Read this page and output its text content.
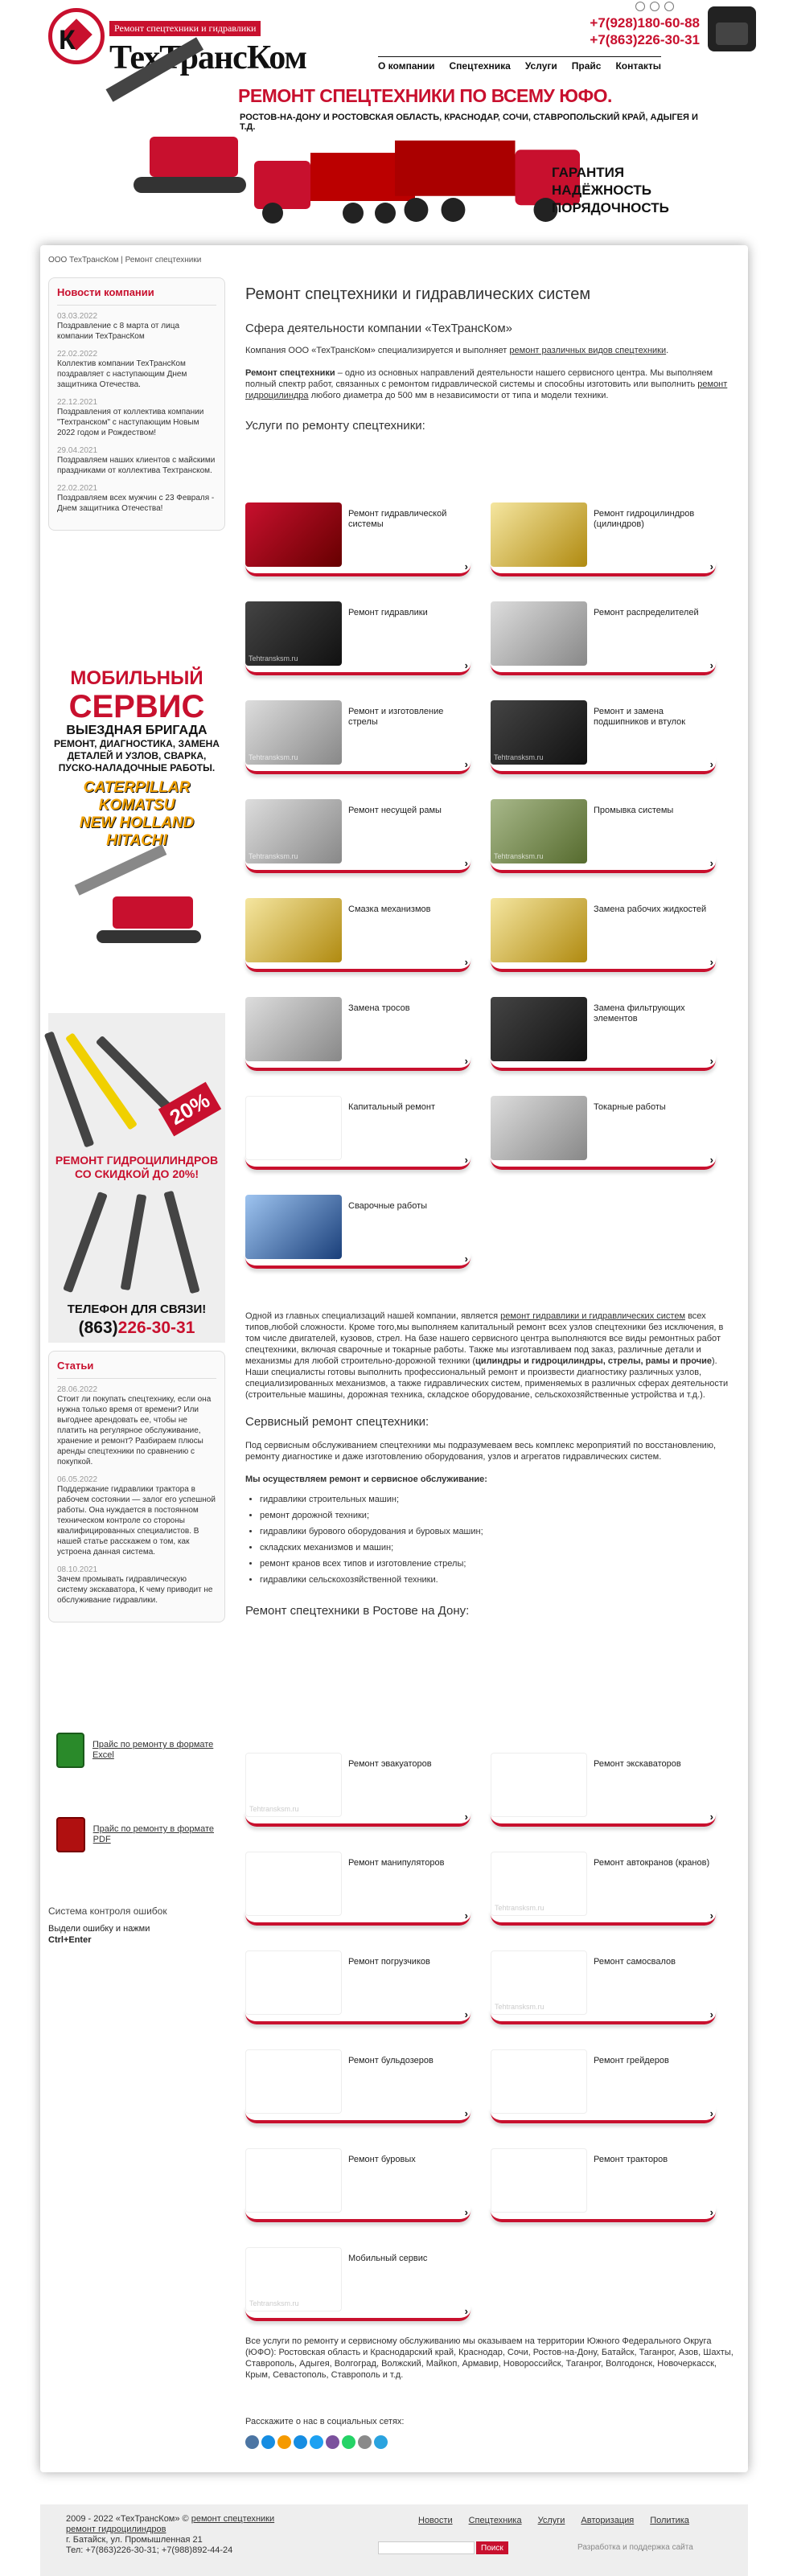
К	Ремонт спецтехники и гидравлики
ТехТрансКом
+7(928)180-60-88
+7(863)226-30-31
О компании Спецтехника Услуги Прайс Контакты
РЕМОНТ СПЕЦТЕХНИКИ ПО ВСЕМУ ЮФО.
РОСТОВ-НА-ДОНУ И РОСТОВСКАЯ ОБЛАСТЬ, КРАСНОДАР, СОЧИ, СТАВРОПОЛЬСКИЙ КРАЙ, АДЫГЕЯ И Т.Д.
ГАРАНТИЯ
НАДЁЖНОСТЬ
ПОРЯДОЧНОСТЬ
ООО ТехТрансКом | Ремонт спецтехники
Новости компании
03.03.2022
Поздравление с 8 марта от лица компании ТехТрансКом
22.02.2022
Коллектив компании ТехТрансКом поздравляет с наступающим Днем защитника Отечества.
22.12.2021
Поздравления от коллектива компании "Техтранском" с наступающим Новым 2022 годом и Рождеством!
29.04.2021
Поздравляем наших клиентов с майскими праздниками от коллектива Техтранском.
22.02.2021
Поздравляем всех мужчин с 23 Февраля - Днем защитника Отечества!
МОБИЛЬНЫЙ
СЕРВИС
ВЫЕЗДНАЯ БРИГАДА
РЕМОНТ, ДИАГНОСТИКА, ЗАМЕНА ДЕТАЛЕЙ И УЗЛОВ, СВАРКА, ПУСКО-НАЛАДОЧНЫЕ РАБОТЫ.
CATERPILLAR
KOMATSU
NEW HOLLAND HITACHI
20%
РЕМОНТ ГИДРОЦИЛИНДРОВ СО СКИДКОЙ ДО 20%!
ТЕЛЕФОН ДЛЯ СВЯЗИ!
(863)226-30-31
Статьи
28.06.2022
Стоит ли покупать спецтехнику, если она нужна только время от времени? Или выгоднее арендовать ее, чтобы не платить на регулярное обслуживание, хранение и ремонт? Разбираем плюсы аренды спецтехники по сравнению с покупкой.
06.05.2022
Поддержание гидравлики трактора в рабочем состоянии — залог его успешной работы. Она нуждается в постоянном техническом контроле со стороны квалифицированных специалистов. В нашей статье расскажем о том, как устроена данная система.
08.10.2021
Зачем промывать гидравлическую систему экскаватора, К чему приводит не обслуживание гидравлики.
Прайс по ремонту в формате Excel
Прайс по ремонту в формате PDF
Система контроля ошибок
Выдели ошибку и нажми
Ctrl+Enter
Ремонт спецтехники и гидравлических систем
Сфера деятельности компании «ТехТрансКом»

Компания ООО «ТехТрансКом» специализируется и выполняет ремонт различных видов спецтехники.

Ремонт спецтехники – одно из основных направлений деятельности нашего сервисного центра. Мы выполняем полный спектр работ, связанных с ремонтом гидравлической системы и способны изготовить или выполнить ремонт гидроцилиндра любого диаметра до 500 мм в независимости от типа и модели техники.

Услуги по ремонту спецтехники:
Ремонт гидравлической системы
›
Ремонт гидроцилиндров (цилиндров)
›
Tehtransksm.ru
Ремонт гидравлики
›
Ремонт распределителей
›
Tehtransksm.ru
Ремонт и изготовление стрелы
›
Tehtransksm.ru
Ремонт и замена подшипников и втулок
›
Tehtransksm.ru
Ремонт несущей рамы
›
Tehtransksm.ru
Промывка системы
›
Смазка механизмов
›
Замена рабочих жидкостей
›
Замена тросов
›
Замена фильтрующих элементов
›
Капитальный ремонт
›
Токарные работы
›
Сварочные работы
›

Одной из главных специализаций нашей компании, является ремонт гидравлики и гидравлических систем всех типов,любой сложности. Кроме того,мы выполняем капитальный ремонт всех узлов спецтехники без исключения, в том числе двигателей, кузовов, стрел. На базе нашего сервисного центра выполняются все виды ремонтных работ спецтехники, включая сварочные и токарные работы. Также мы изготавливаем под заказ, различные детали и механизмы для любой строительно-дорожной техники (цилиндры и гидроцилиндры, стрелы, рамы и прочие). Наши специалисты готовы выполнить профессиональный ремонт и произвести диагностику различных узлов, специализированных механизмов, а также гидравлических систем, применяемых в различных сферах деятельности (строительные машины, дорожная техника, складское оборудование, сельскохозяйственные устройства и т.д.).

Сервисный ремонт спецтехники:

Под сервисным обслуживанием спецтехники мы подразумеваем весь комплекс мероприятий по восстановлению, ремонту диагностике и даже изготовлению оборудования, узлов и агрегатов гидравлических систем.

Мы осуществляем ремонт и сервисное обслуживание:

• гидравлики строительных машин;
• ремонт дорожной техники;
• гидравлики бурового оборудования и буровых машин;
• складских механизмов и машин;
• ремонт кранов всех типов и изготовление стрелы;
• гидравлики сельскохозяйственной техники.
Ремонт спецтехники в Ростове на Дону:
Tehtransksm.ru
Ремонт эвакуаторов
›
Ремонт экскаваторов
›
Ремонт манипуляторов
›
Tehtransksm.ru
Ремонт автокранов (кранов)
›
Ремонт погрузчиков
›
Tehtransksm.ru
Ремонт самосвалов
›
Ремонт бульдозеров
›
Ремонт грейдеров
›
Ремонт буровых
›
Ремонт тракторов
›
Tehtransksm.ru
Мобильный сервис
›

Все услуги по ремонту и сервисному обслуживанию мы оказываем на территории Южного Федерального Округа (ЮФО): Ростовская область и Краснодарский край, Краснодар, Сочи, Ростов-на-Дону, Батайск, Таганрог, Азов, Шахты, Ставрополь, Адыгея, Волгоград, Волжский, Майкоп, Армавир, Новороссийск, Таганрог, Волгодонск, Новочеркасск, Крым, Севастополь, Ставрополь и т.д.

Расскажите о нас в социальных сетях:

2009 - 2022 «ТехТрансКом» © ремонт спецтехники
ремонт гидроцилиндров
г. Батайск, ул. Промышленная 21
Тел: +7(863)226-30-31; +7(988)892-44-24
Новости Спецтехника Услуги Авторизация Политика
Поиск	Разработка и поддержка сайта
